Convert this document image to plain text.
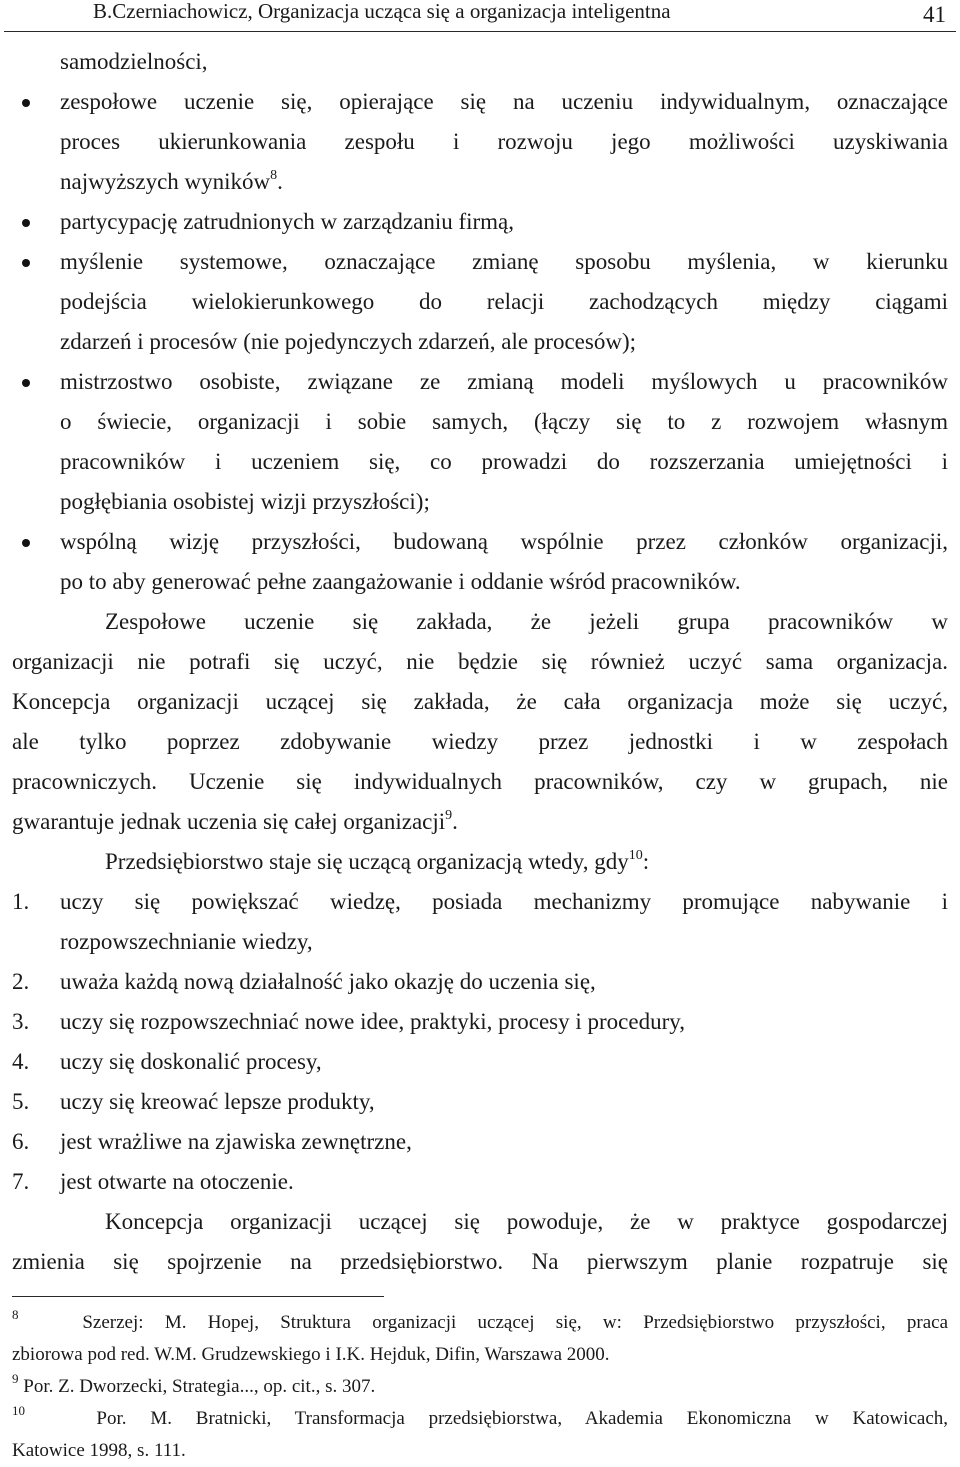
B.Czerniachowicz, Organizacja ucząca się a organizacja inteligentna	41
samodzielności,
zespołowe uczenie się, opierające się na uczeniu indywidualnym, oznaczające
proces ukierunkowania zespołu i rozwoju jego możliwości uzyskiwania
najwyższych wyników$^8$.
partycypację zatrudnionych w zarządzaniu firmą,
myślenie systemowe, oznaczające zmianę sposobu myślenia, w kierunku
podejścia wielokierunkowego do relacji zachodzących między ciągami
zdarzeń i procesów (nie pojedynczych zdarzeń, ale procesów);
mistrzostwo osobiste, związane ze zmianą modeli myślowych u pracowników
o świecie, organizacji i sobie samych, (łączy się to z rozwojem własnym
pracowników i uczeniem się, co prowadzi do rozszerzania umiejętności i
pogłębiania osobistej wizji przyszłości);
wspólną wizję przyszłości, budowaną wspólnie przez członków organizacji,
po to aby generować pełne zaangażowanie i oddanie wśród pracowników.
Zespołowe uczenie się zakłada, że jeżeli grupa pracowników w
organizacji nie potrafi się uczyć, nie będzie się również uczyć sama organizacja.
Koncepcja organizacji uczącej się zakłada, że cała organizacja może się uczyć,
ale tylko poprzez zdobywanie wiedzy przez jednostki i w zespołach
pracowniczych. Uczenie się indywidualnych pracowników, czy w grupach, nie
gwarantuje jednak uczenia się całej organizacji$^9$.
Przedsiębiorstwo staje się uczącą organizacją wtedy, gdy$^{10}$:
1. uczy się powiększać wiedzę, posiada mechanizmy promujące nabywanie i
rozpowszechnianie wiedzy,
2. uważa każdą nową działalność jako okazję do uczenia się,
3. uczy się rozpowszechniać nowe idee, praktyki, procesy i procedury,
4. uczy się doskonalić procesy,
5. uczy się kreować lepsze produkty,
6. jest wrażliwe na zjawiska zewnętrzne,
7. jest otwarte na otoczenie.
Koncepcja organizacji uczącej się powoduje, że w praktyce gospodarczej
zmienia się spojrzenie na przedsiębiorstwo. Na pierwszym planie rozpatruje się
$^8$	Szerzej: M. Hopej, Struktura organizacji uczącej się, w: Przedsiębiorstwo przyszłości, praca
zbiorowa pod red. W.M. Grudzewskiego i I.K. Hejduk, Difin, Warszawa 2000.
$^9$ Por. Z. Dworzecki, Strategia..., op. cit., s. 307.
$^{10}$	Por. M. Bratnicki, Transformacja przedsiębiorstwa, Akademia Ekonomiczna w Katowicach,
Katowice 1998, s. 111.
